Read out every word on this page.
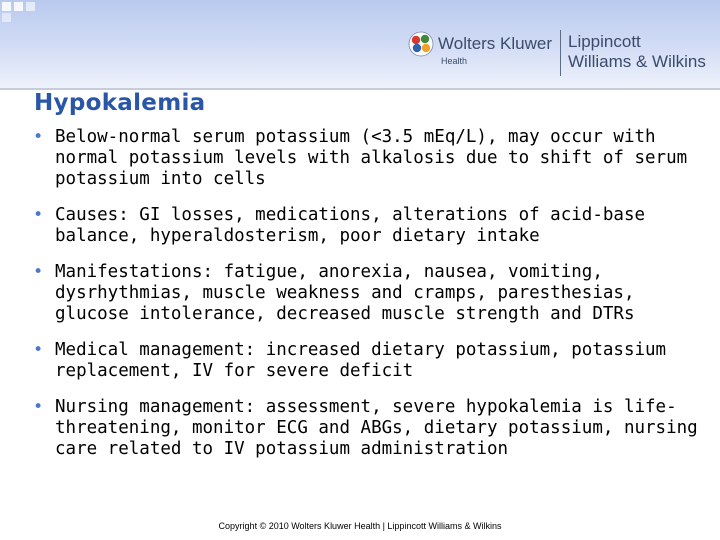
Wolters Kluwer
Health
Lippincott
Williams & Wilkins
Hypokalemia
• Below-normal serum potassium (<3.5 mEq/L), may occur with normal potassium levels with alkalosis due to shift of serum potassium into cells
• Causes: GI losses, medications, alterations of acid-base balance, hyperaldosterism, poor dietary intake
• Manifestations: fatigue, anorexia, nausea, vomiting, dysrhythmias, muscle weakness and cramps, paresthesias, glucose intolerance, decreased muscle strength and DTRs
• Medical management: increased dietary potassium, potassium replacement, IV for severe deficit
• Nursing management: assessment, severe hypokalemia is life-threatening, monitor ECG and ABGs, dietary potassium, nursing care related to IV potassium administration
Copyright © 2010 Wolters Kluwer Health | Lippincott Williams & Wilkins
